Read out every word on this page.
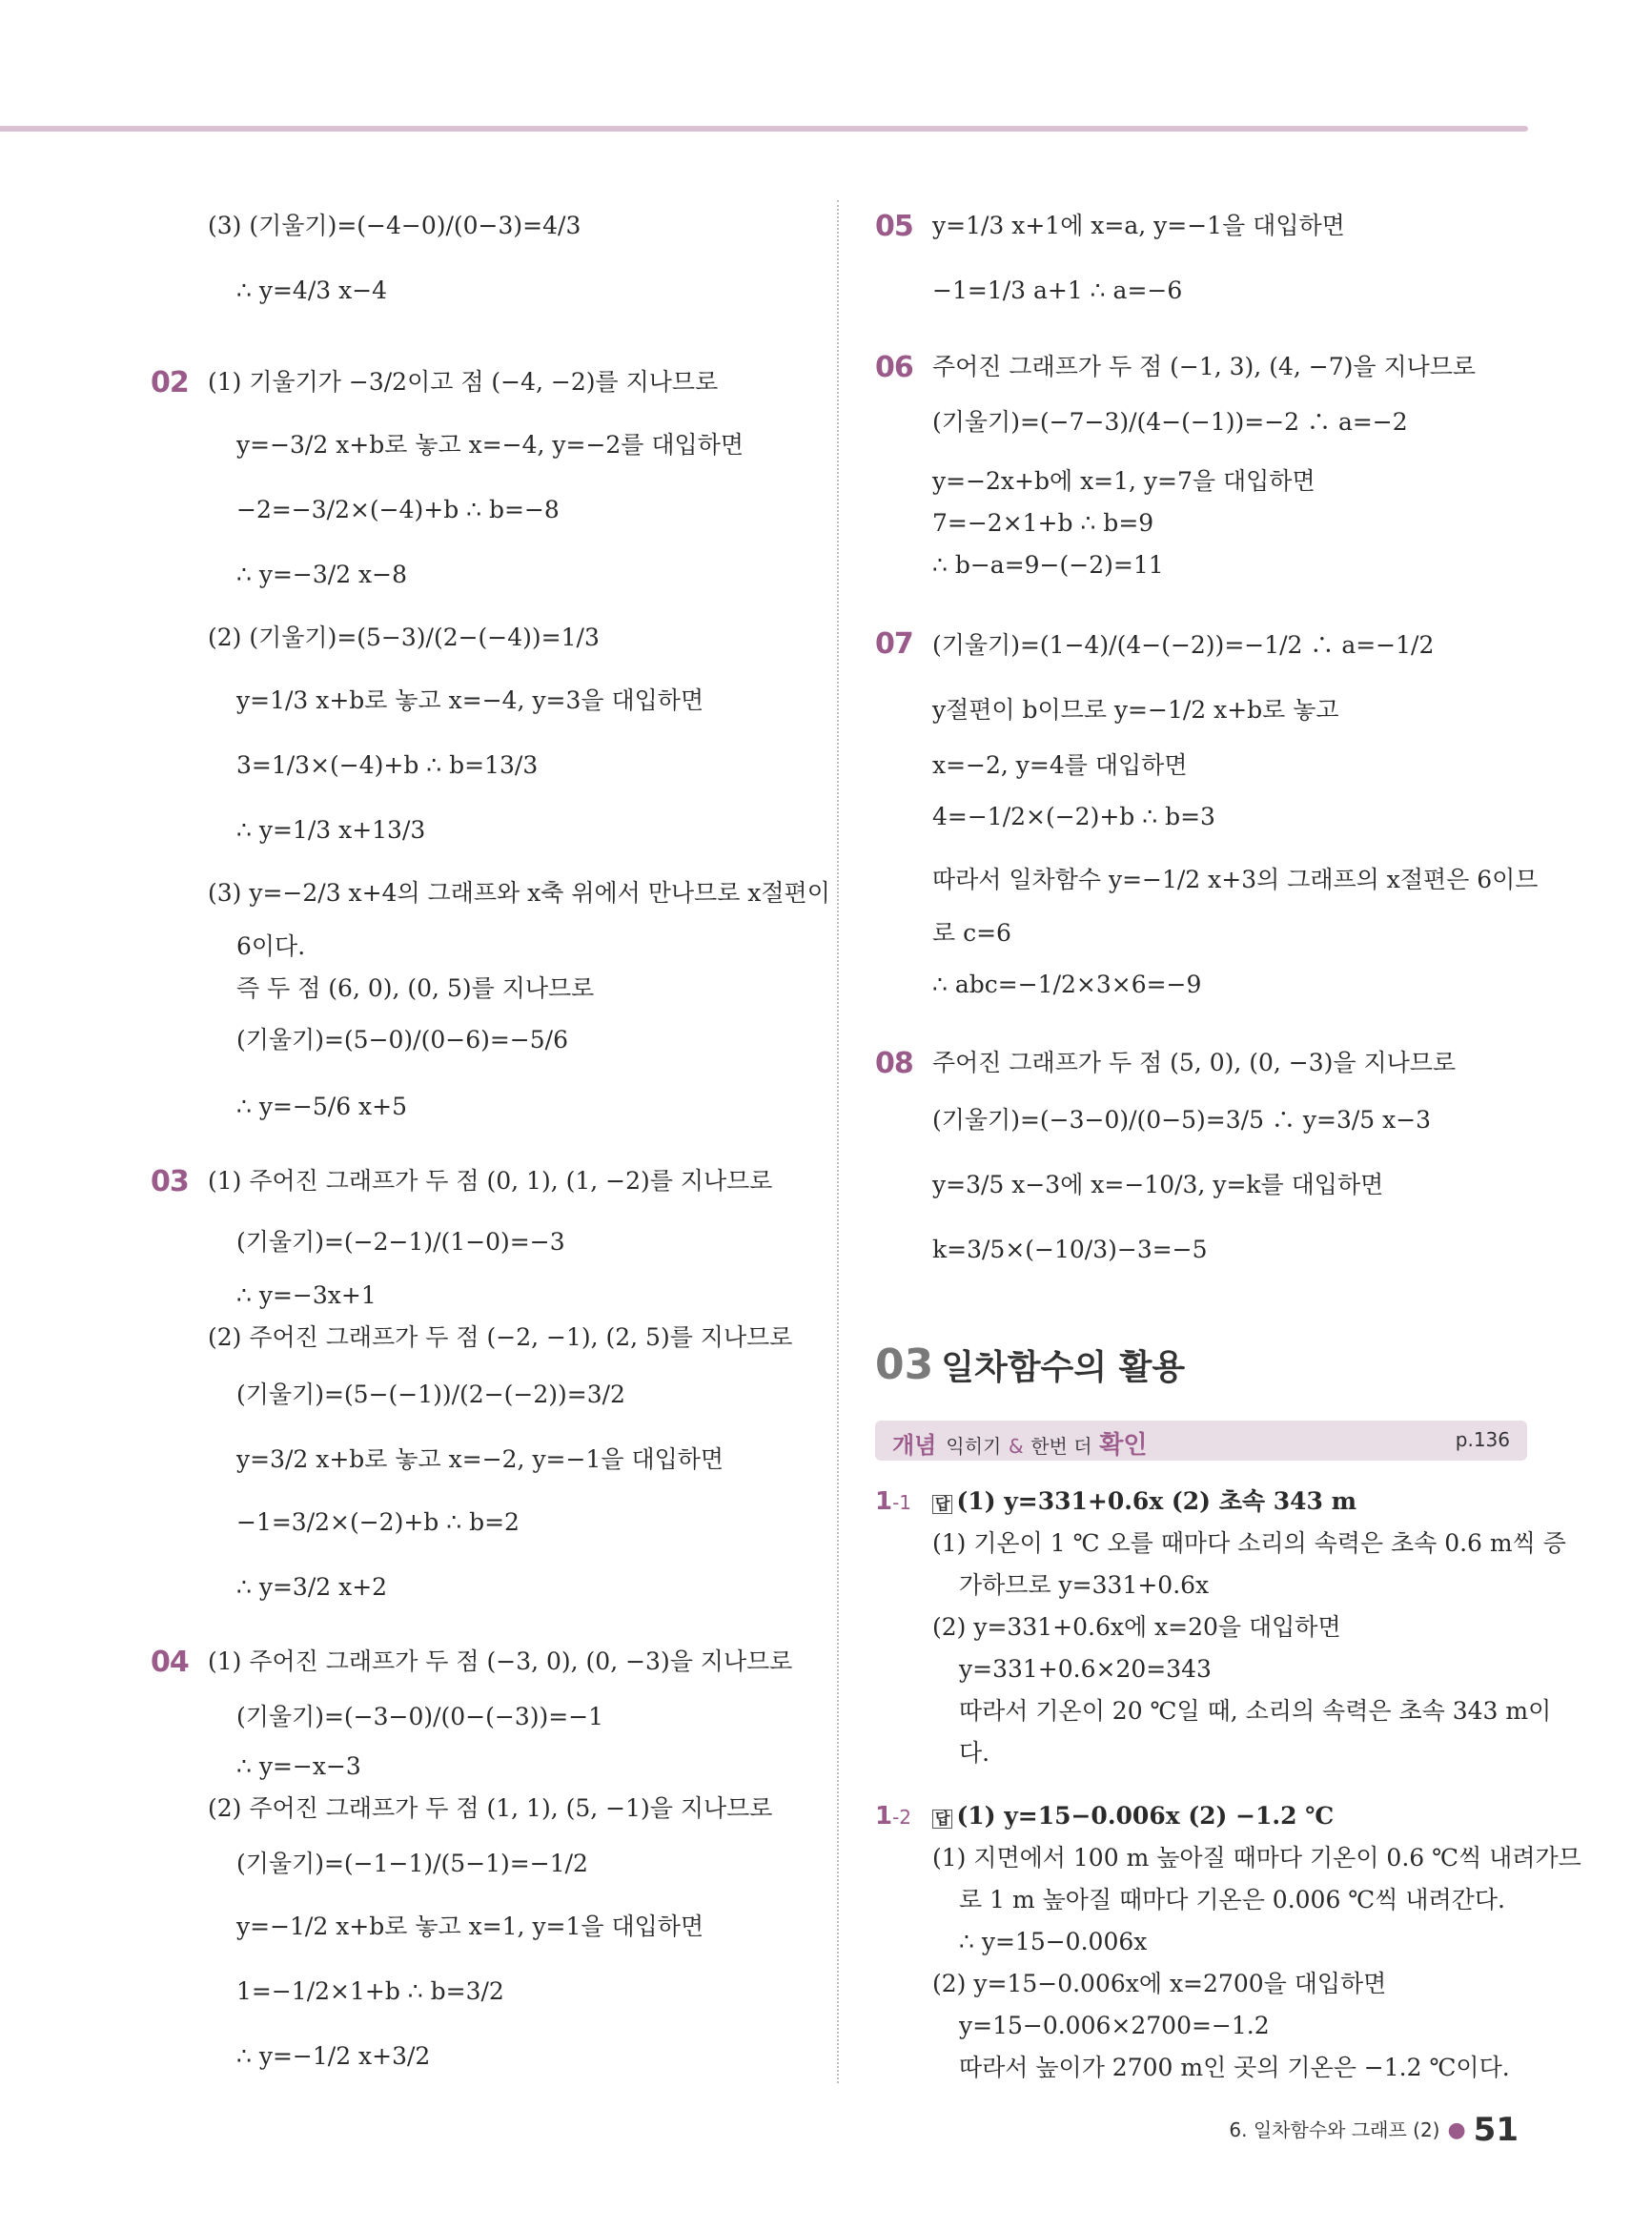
(3) (기울기)=(−4−0)/(0−3)=4/3
∴ y=4/3 x−4
02 (1) 기울기가 −3/2이고 점 (−4, −2)를 지나므로
y=−3/2 x+b로 놓고 x=−4, y=−2를 대입하면
−2=−3/2×(−4)+b ∴ b=−8
∴ y=−3/2 x−8
(2) (기울기)=(5−3)/(2−(−4))=1/3
y=1/3 x+b로 놓고 x=−4, y=3을 대입하면
3=1/3×(−4)+b ∴ b=13/3
∴ y=1/3 x+13/3
(3) y=−2/3 x+4의 그래프와 x축 위에서 만나므로 x절편이
6이다.
즉 두 점 (6, 0), (0, 5)를 지나므로
(기울기)=(5−0)/(0−6)=−5/6
∴ y=−5/6 x+5
03 (1) 주어진 그래프가 두 점 (0, 1), (1, −2)를 지나므로
(기울기)=(−2−1)/(1−0)=−3
∴ y=−3x+1
(2) 주어진 그래프가 두 점 (−2, −1), (2, 5)를 지나므로
(기울기)=(5−(−1))/(2−(−2))=3/2
y=3/2 x+b로 놓고 x=−2, y=−1을 대입하면
−1=3/2×(−2)+b ∴ b=2
∴ y=3/2 x+2
04 (1) 주어진 그래프가 두 점 (−3, 0), (0, −3)을 지나므로
(기울기)=(−3−0)/(0−(−3))=−1
∴ y=−x−3
(2) 주어진 그래프가 두 점 (1, 1), (5, −1)을 지나므로
(기울기)=(−1−1)/(5−1)=−1/2
y=−1/2 x+b로 놓고 x=1, y=1을 대입하면
1=−1/2×1+b ∴ b=3/2
∴ y=−1/2 x+3/2
05 y=1/3 x+1에 x=a, y=−1을 대입하면
−1=1/3 a+1 ∴ a=−6
06 주어진 그래프가 두 점 (−1, 3), (4, −7)을 지나므로
(기울기)=(−7−3)/(4−(−1))=−2 ∴ a=−2
y=−2x+b에 x=1, y=7을 대입하면
7=−2×1+b ∴ b=9
∴ b−a=9−(−2)=11
07 (기울기)=(1−4)/(4−(−2))=−1/2 ∴ a=−1/2
y절편이 b이므로 y=−1/2 x+b로 놓고
x=−2, y=4를 대입하면
4=−1/2×(−2)+b ∴ b=3
따라서 일차함수 y=−1/2 x+3의 그래프의 x절편은 6이므
로 c=6
∴ abc=−1/2×3×6=−9
08 주어진 그래프가 두 점 (5, 0), (0, −3)을 지나므로
(기울기)=(−3−0)/(0−5)=3/5 ∴ y=3/5 x−3
y=3/5 x−3에 x=−10/3, y=k를 대입하면
k=3/5×(−10/3)−3=−5
03 일차함수의 활용
개념 익히기 & 한번 더 확인	p.136
1-1 답 (1) y=331+0.6x (2) 초속 343 m
(1) 기온이 1 ℃ 오를 때마다 소리의 속력은 초속 0.6 m씩 증
가하므로 y=331+0.6x
(2) y=331+0.6x에 x=20을 대입하면
y=331+0.6×20=343
따라서 기온이 20 ℃일 때, 소리의 속력은 초속 343 m이
다.
1-2 답 (1) y=15−0.006x (2) −1.2 ℃
(1) 지면에서 100 m 높아질 때마다 기온이 0.6 ℃씩 내려가므
로 1 m 높아질 때마다 기온은 0.006 ℃씩 내려간다.
∴ y=15−0.006x
(2) y=15−0.006x에 x=2700을 대입하면
y=15−0.006×2700=−1.2
따라서 높이가 2700 m인 곳의 기온은 −1.2 ℃이다.
6. 일차함수와 그래프 (2) ● 51
